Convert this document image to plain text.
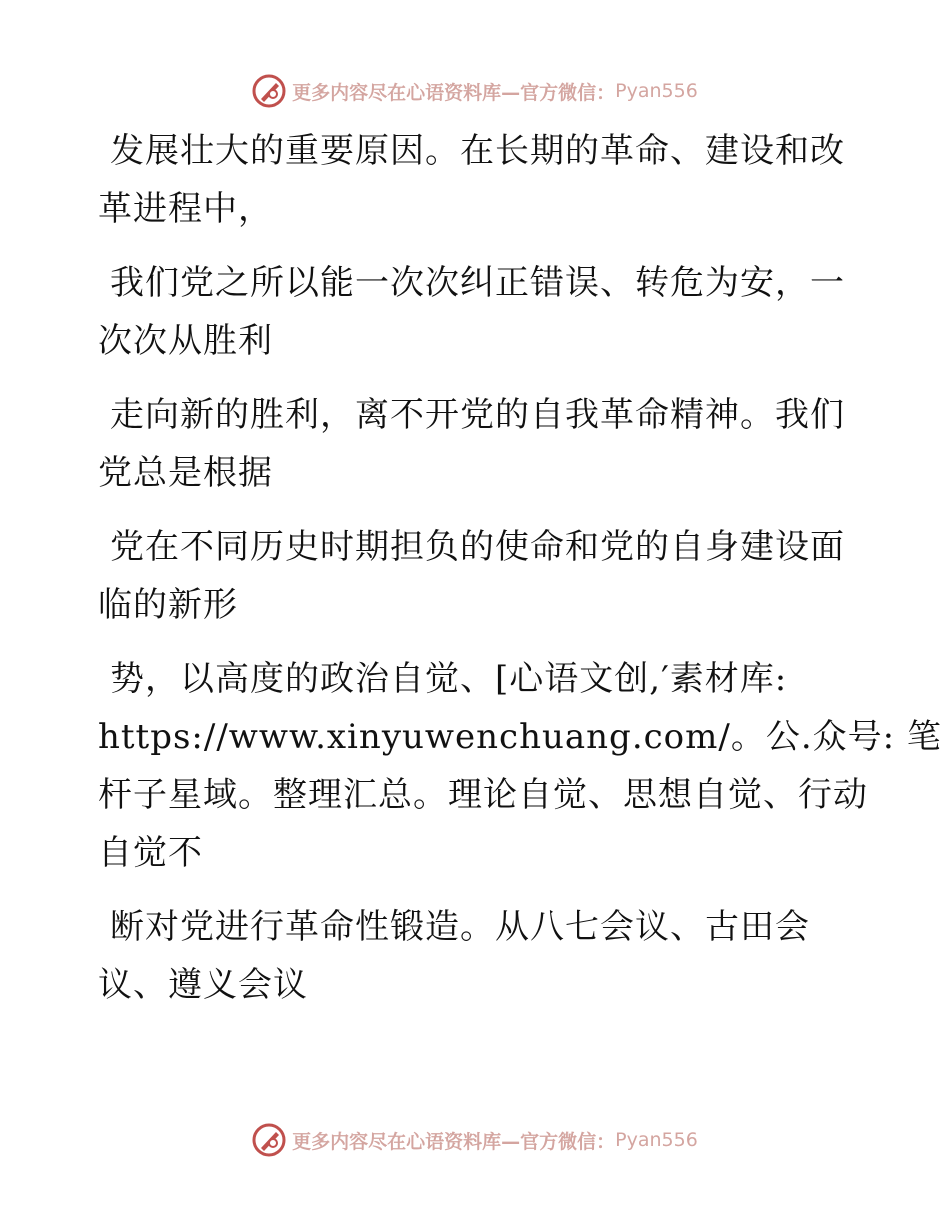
更多内容尽在心语资料库—官方微信： Pyan556

发展壮大的重要原因。在长期的革命、建设和改
革进程中，

我们党之所以能一次次纠正错误、转危为安，一
次次从胜利

走向新的胜利，离不开党的自我革命精神。我们
党总是根据

党在不同历史时期担负的使命和党的自身建设面
临的新形

势，以高度的政治自觉、[心语文创,′素材库:
https://www.xinyuwenchuang.com/。公.众号: 笔
杆子星域。整理汇总。理论自觉、思想自觉、行动
自觉不

断对党进行革命性锻造。从八七会议、古田会
议、遵义会议

更多内容尽在心语资料库—官方微信： Pyan556
